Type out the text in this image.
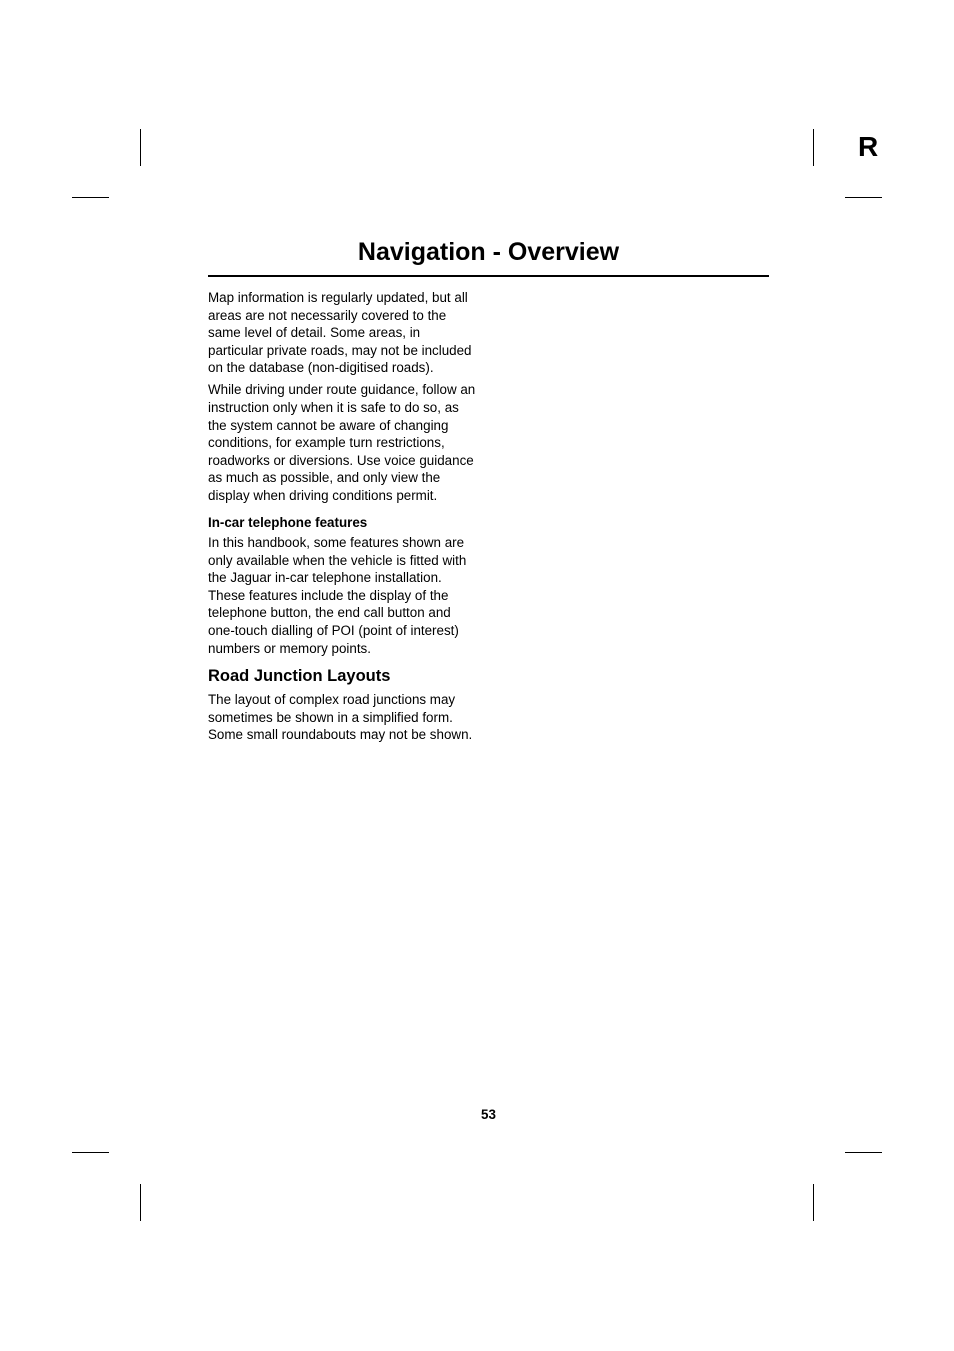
R
Navigation - Overview

Map information is regularly updated, but all areas are not necessarily covered to the same level of detail. Some areas, in particular private roads, may not be included on the database (non-digitised roads).

While driving under route guidance, follow an instruction only when it is safe to do so, as the system cannot be aware of changing conditions, for example turn restrictions, roadworks or diversions. Use voice guidance as much as possible, and only view the display when driving conditions permit.

In-car telephone features

In this handbook, some features shown are only available when the vehicle is fitted with the Jaguar in-car telephone installation. These features include the display of the telephone button, the end call button and one-touch dialling of POI (point of interest) numbers or memory points.

Road Junction Layouts

The layout of complex road junctions may sometimes be shown in a simplified form. Some small roundabouts may not be shown.

53
